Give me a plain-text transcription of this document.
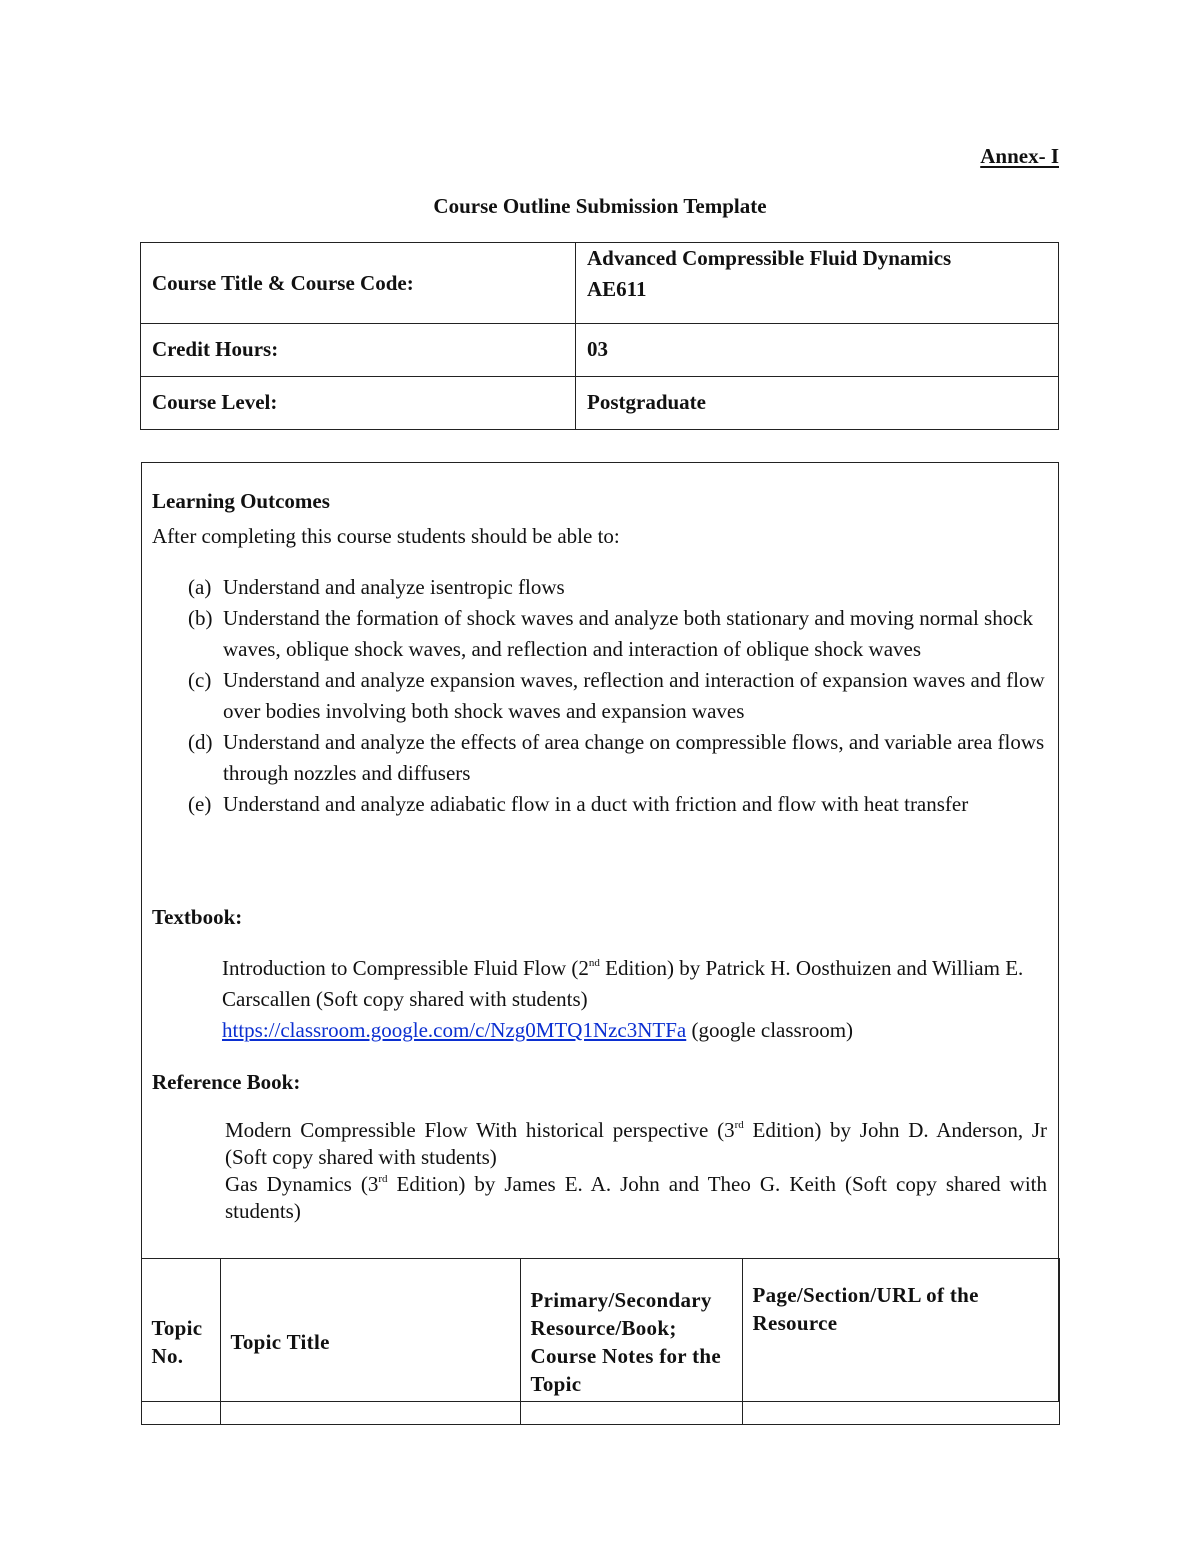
Annex- I
Course Outline Submission Template
Course Title & Course Code:	Advanced Compressible Fluid Dynamics
AE611

Credit Hours:	03
Course Level:	Postgraduate
Learning Outcomes
After completing this course students should be able to:
(a) Understand and analyze isentropic flows
(b) Understand the formation of shock waves and analyze both stationary and moving normal shock waves, oblique shock waves, and reflection and interaction of oblique shock waves
(c) Understand and analyze expansion waves, reflection and interaction of expansion waves and flow over bodies involving both shock waves and expansion waves
(d) Understand and analyze the effects of area change on compressible flows, and variable area flows through nozzles and diffusers
(e) Understand and analyze adiabatic flow in a duct with friction and flow with heat transfer
Textbook:
Introduction to Compressible Fluid Flow (2nd Edition) by Patrick H. Oosthuizen and William E. Carscallen (Soft copy shared with students)
https://classroom.google.com/c/Nzg0MTQ1Nzc3NTFa (google classroom)
Reference Book:
Modern Compressible Flow With historical perspective (3rd Edition) by John D. Anderson, Jr (Soft copy shared with students)
Gas Dynamics (3rd Edition) by James E. A. John and Theo G. Keith (Soft copy shared with students)
Topic No.	Topic Title	Primary/Secondary Resource/Book; Course Notes for the Topic	Page/Section/URL of the Resource
